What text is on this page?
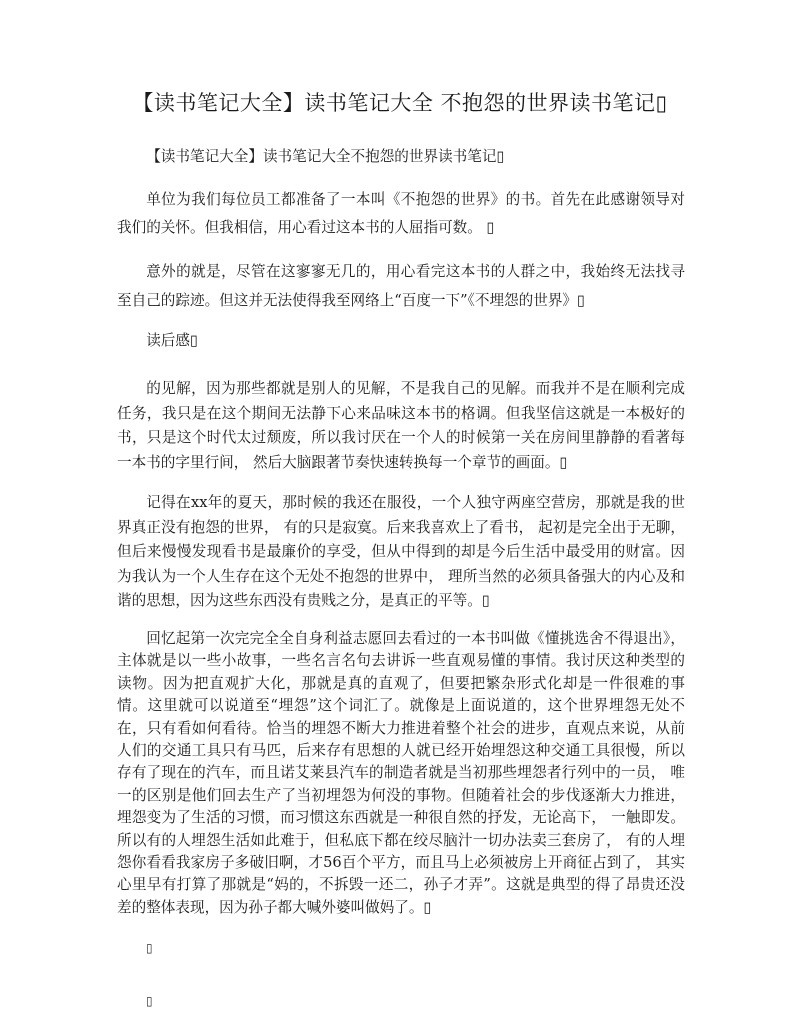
【读书笔记大全】读书笔记大全 不抱怨的世界读书笔记▯

【读书笔记大全】读书笔记大全不抱怨的世界读书笔记▯

单位为我们每位员工都准备了一本叫《不抱怨的世界》的书。首先在此感谢领导对我们的关怀。但我相信，用心看过这本书的人屈指可数。 ▯

意外的就是，尽管在这寥寥无几的，用心看完这本书的人群之中，我始终无法找寻至自己的踪迹。但这并无法使得我至网络上“百度一下”《不埋怨的世界》▯

读后感▯

的见解，因为那些都就是别人的见解，不是我自己的见解。而我并不是在顺利完成任务，我只是在这个期间无法静下心来品味这本书的格调。但我坚信这就是一本极好的书，只是这个时代太过颓废，所以我讨厌在一个人的时候第一关在房间里静静的看著每一本书的字里行间， 然后大脑跟著节奏快速转换每一个章节的画面。▯

记得在xx年的夏天，那时候的我还在服役，一个人独守两座空营房，那就是我的世界真正没有抱怨的世界， 有的只是寂寞。后来我喜欢上了看书， 起初是完全出于无聊，但后来慢慢发现看书是最廉价的享受，但从中得到的却是今后生活中最受用的财富。因为我认为一个人生存在这个无处不抱怨的世界中， 理所当然的必须具备强大的内心及和谐的思想，因为这些东西没有贵贱之分，是真正的平等。▯

回忆起第一次完完全全自身利益志愿回去看过的一本书叫做《懂挑选舍不得退出》，主体就是以一些小故事，一些名言名句去讲诉一些直观易懂的事情。我讨厌这种类型的读物。因为把直观扩大化，那就是真的直观了，但要把繁杂形式化却是一件很难的事情。这里就可以说道至“埋怨”这个词汇了。就像是上面说道的，这个世界埋怨无处不在，只有看如何看待。恰当的埋怨不断大力推进着整个社会的进步，直观点来说，从前人们的交通工具只有马匹，后来存有思想的人就已经开始埋怨这种交通工具很慢，所以存有了现在的汽车，而且诺艾莱县汽车的制造者就是当初那些埋怨者行列中的一员， 唯一的区别是他们回去生产了当初埋怨为何没的事物。但随着社会的步伐逐渐大力推进，埋怨变为了生活的习惯，而习惯这东西就是一种很自然的抒发，无论高下， 一触即发。所以有的人埋怨生活如此难于，但私底下都在绞尽脑汁一切办法卖三套房了， 有的人埋怨你看看我家房子多破旧啊，才56百个平方，而且马上必须被房上开商征占到了， 其实心里早有打算了那就是“妈的，不拆毁一还二，孙子才弄”。这就是典型的得了昂贵还没差的整体表现，因为孙子都大喊外婆叫做妈了。▯

▯
▯
